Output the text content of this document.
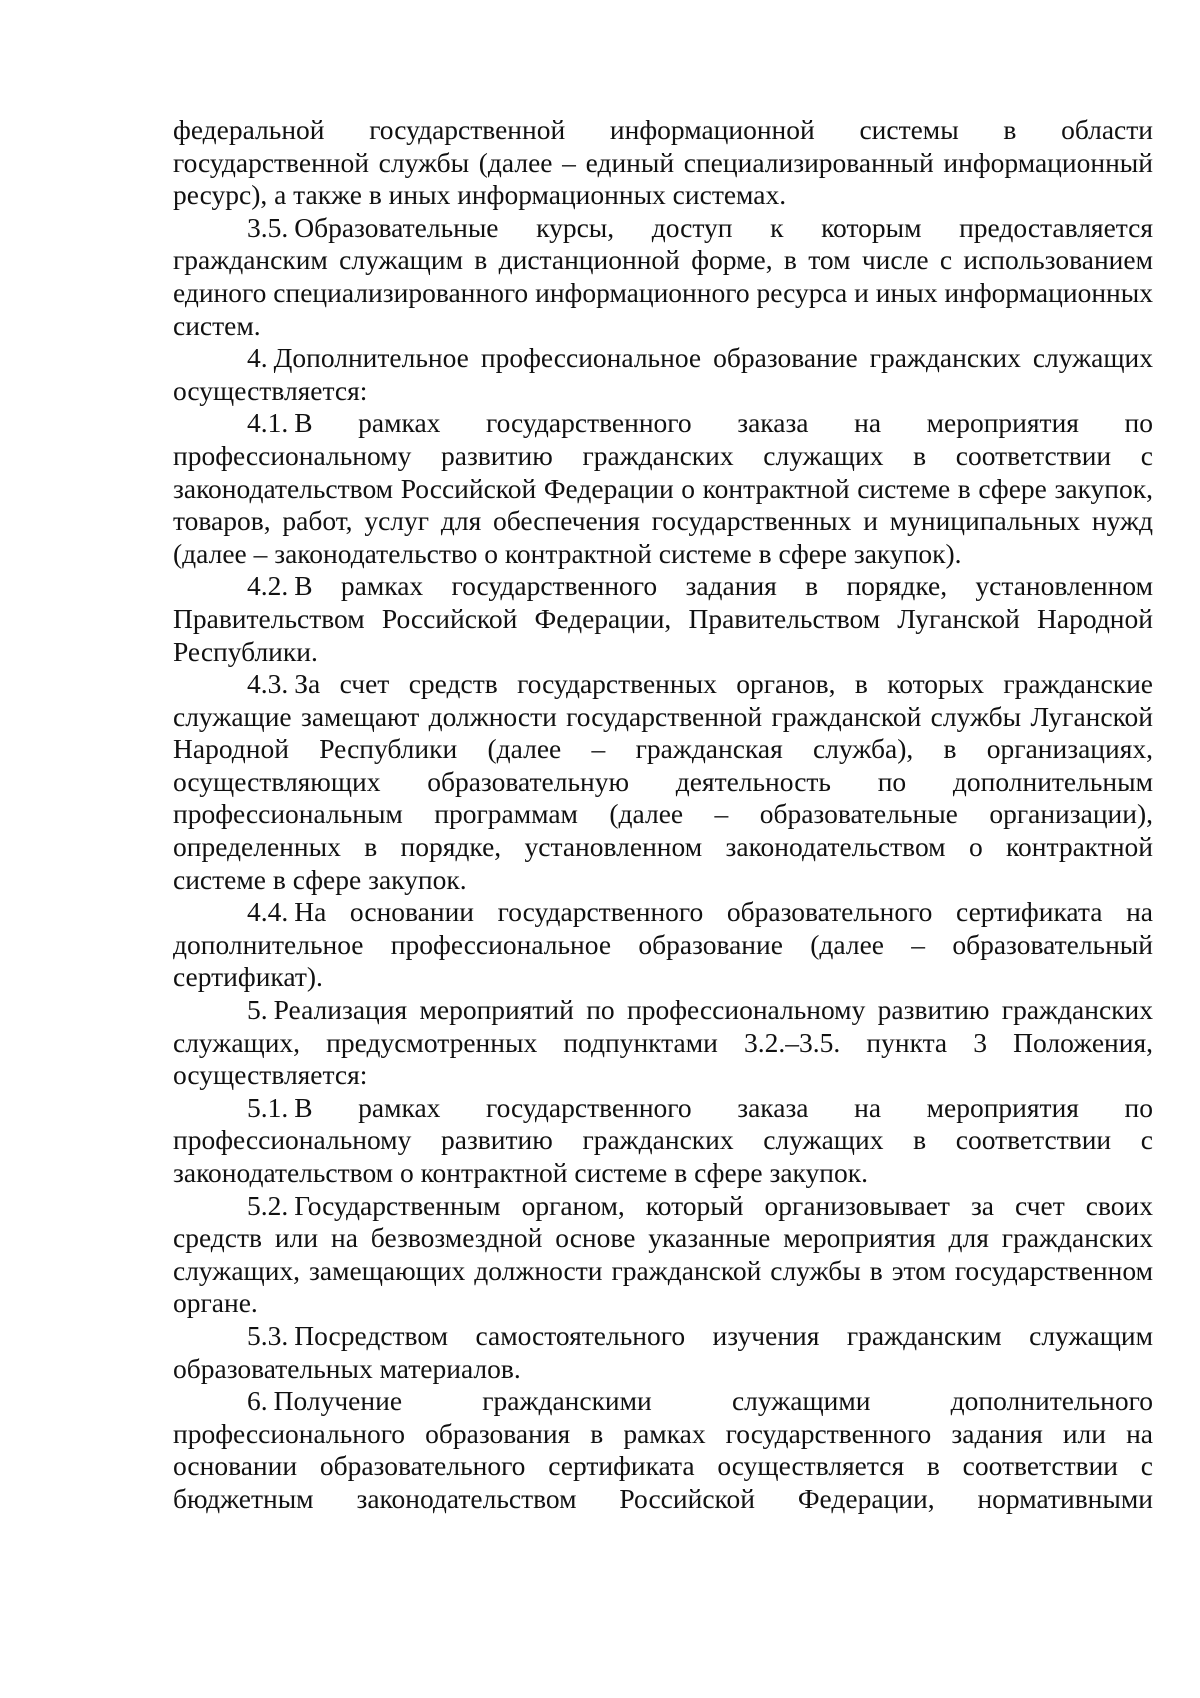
федеральной государственной информационной системы в области государственной службы (далее – единый специализированный информационный ресурс), а также в иных информационных системах.

3.5. Образовательные курсы, доступ к которым предоставляется гражданским служащим в дистанционной форме, в том числе с использованием единого специализированного информационного ресурса и иных информационных систем.

4. Дополнительное профессиональное образование гражданских служащих осуществляется:

4.1. В рамках государственного заказа на мероприятия по профессиональному развитию гражданских служащих в соответствии с законодательством Российской Федерации о контрактной системе в сфере закупок, товаров, работ, услуг для обеспечения государственных и муниципальных нужд (далее – законодательство о контрактной системе в сфере закупок).

4.2. В рамках государственного задания в порядке, установленном Правительством Российской Федерации, Правительством Луганской Народной Республики.

4.3. За счет средств государственных органов, в которых гражданские служащие замещают должности государственной гражданской службы Луганской Народной Республики (далее – гражданская служба), в организациях, осуществляющих образовательную деятельность по дополнительным профессиональным программам (далее – образовательные организации), определенных в порядке, установленном законодательством о контрактной системе в сфере закупок.

4.4. На основании государственного образовательного сертификата на дополнительное профессиональное образование (далее – образовательный сертификат).

5. Реализация мероприятий по профессиональному развитию гражданских служащих, предусмотренных подпунктами 3.2.–3.5. пункта 3 Положения, осуществляется:

5.1. В рамках государственного заказа на мероприятия по профессиональному развитию гражданских служащих в соответствии с законодательством о контрактной системе в сфере закупок.

5.2. Государственным органом, который организовывает за счет своих средств или на безвозмездной основе указанные мероприятия для гражданских служащих, замещающих должности гражданской службы в этом государственном органе.

5.3. Посредством самостоятельного изучения гражданским служащим образовательных материалов.

6. Получение гражданскими служащими дополнительного профессионального образования в рамках государственного задания или на основании образовательного сертификата осуществляется в соответствии с бюджетным законодательством Российской Федерации, нормативными
